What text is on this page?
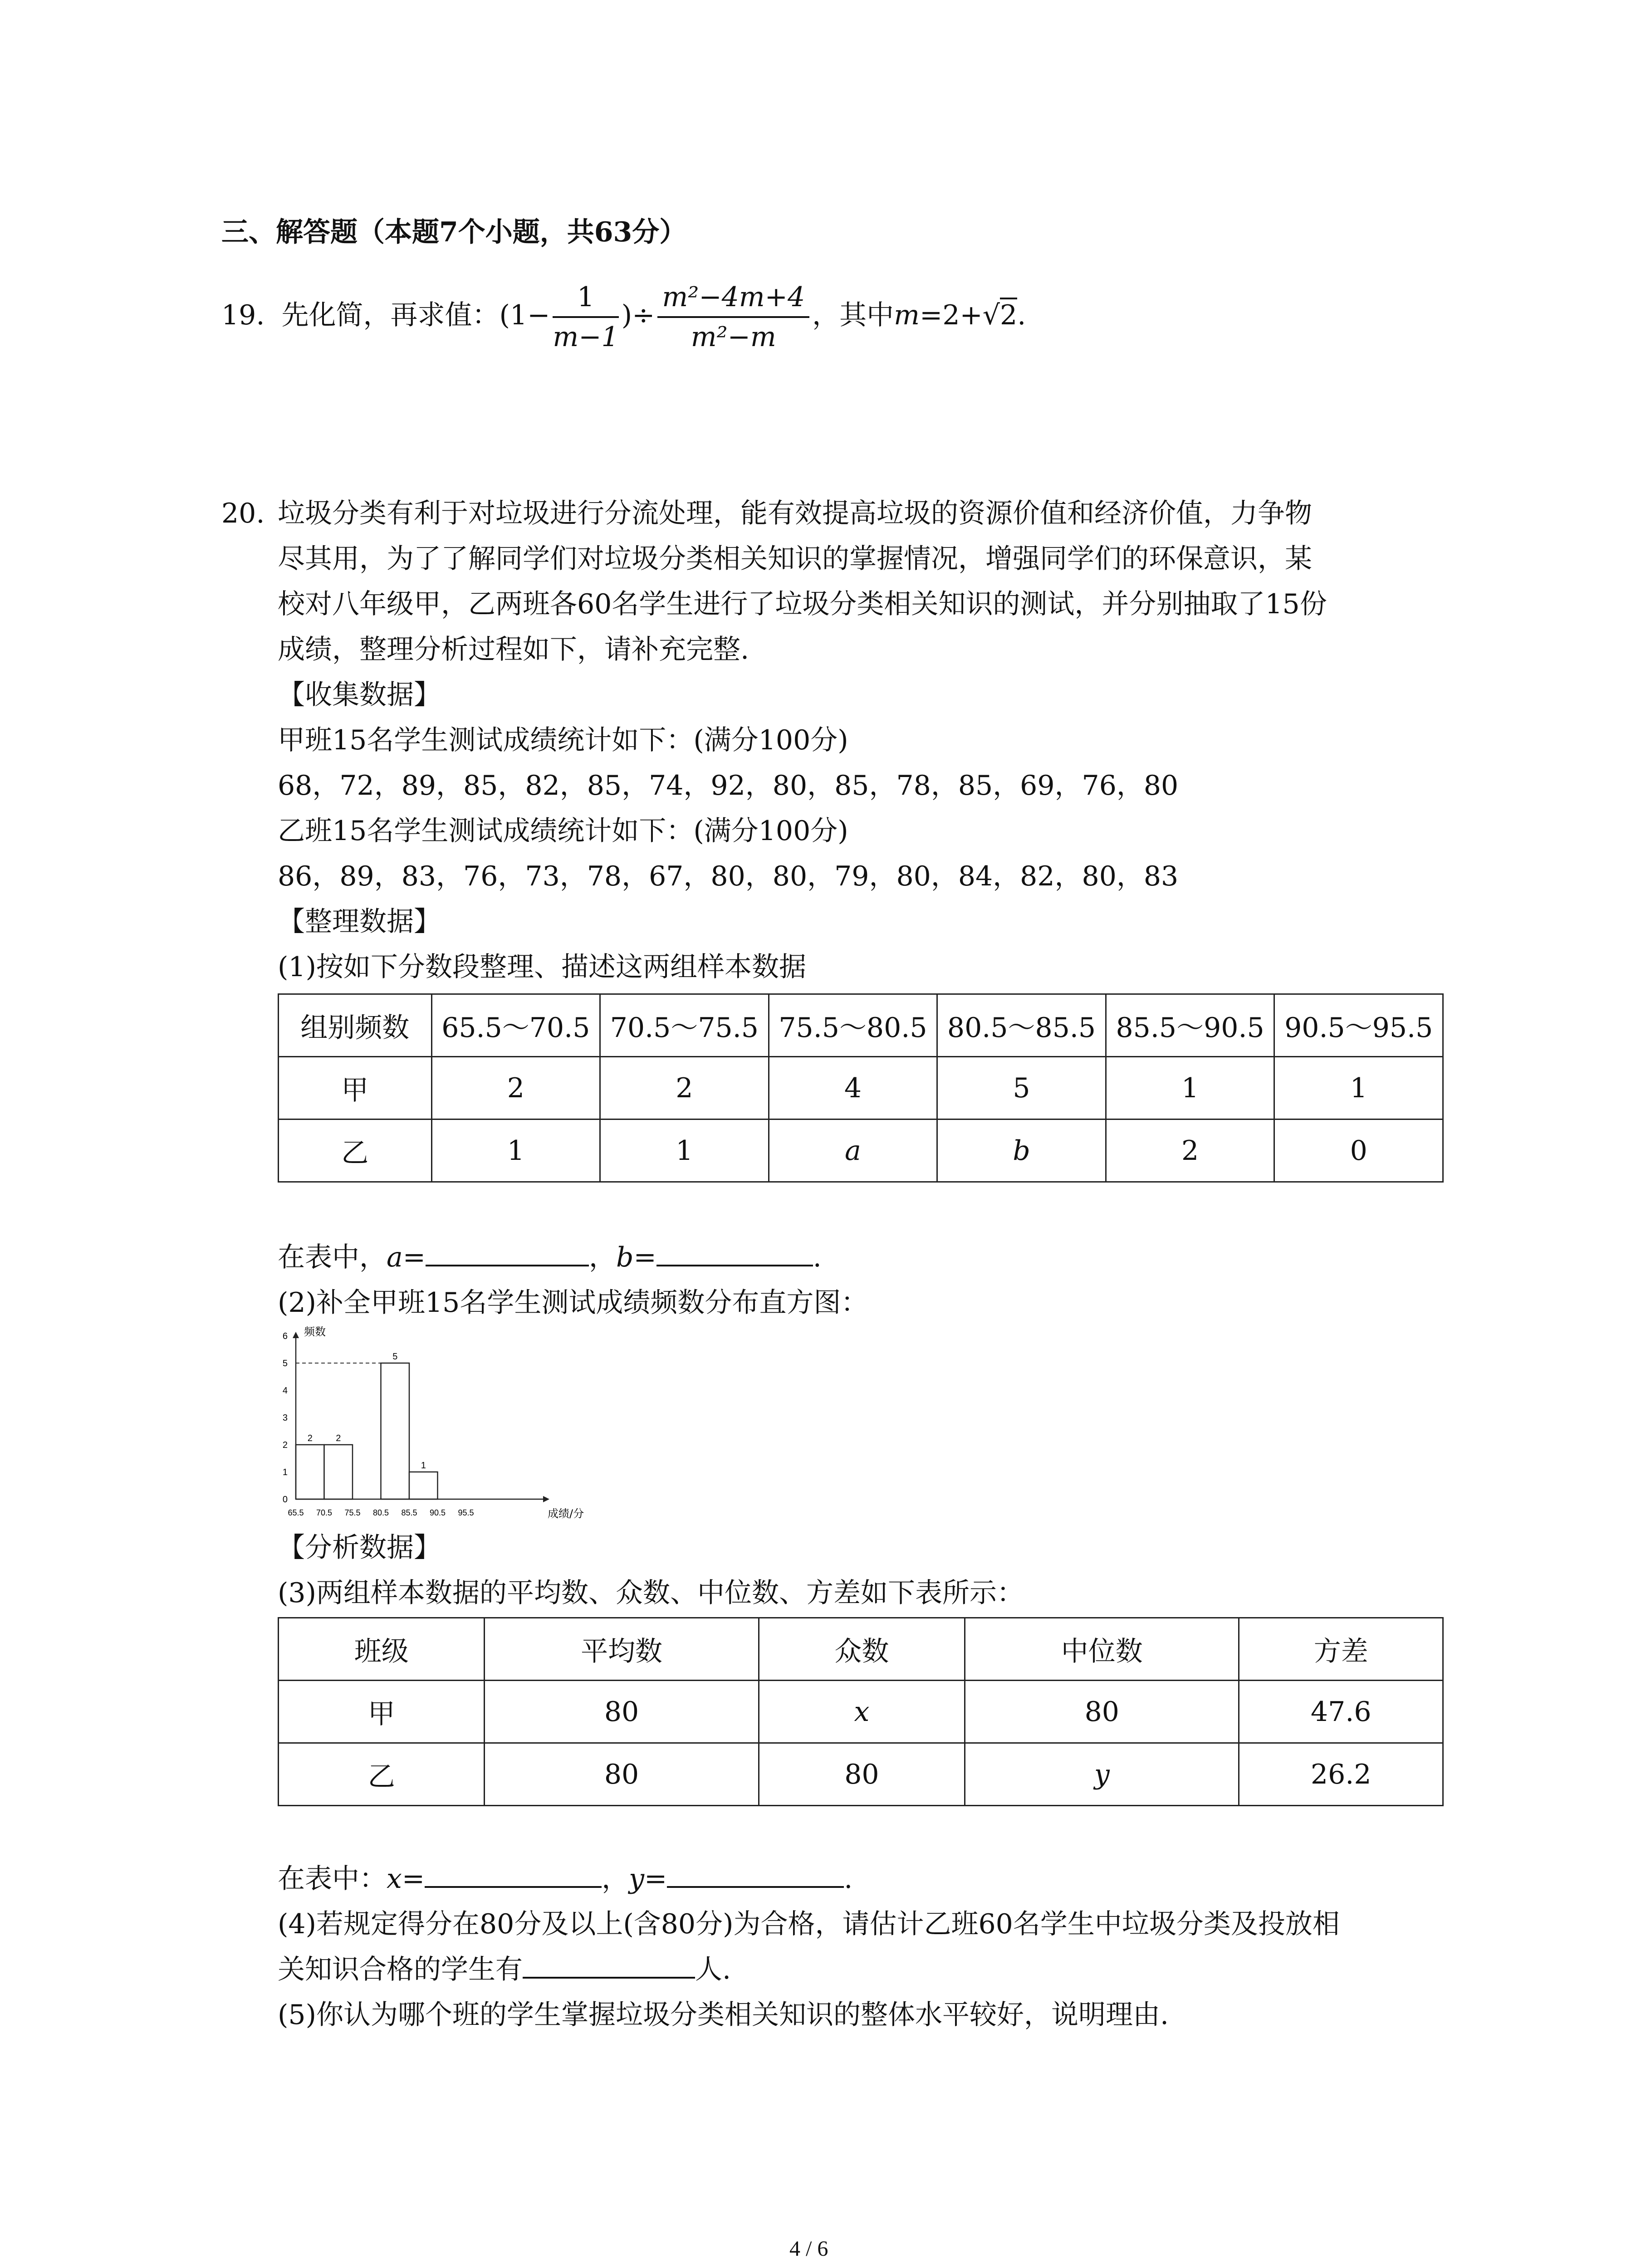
三、解答题（本题7个小题，共63分）
19. 先化简，再求值：($1- \frac{1}{m-1}$ )÷ $\frac{\text{m²−4m+4}}{\text{m²−m}}$ ，其中m=2+√2.
20. 垃圾分类有利于对垃圾进行分流处理，能有效提高垃圾的资源价值和经济价值，力争物
尽其用，为了了解同学们对垃圾分类相关知识的掌握情况，增强同学们的环保意识，某
校对八年级甲，乙两班各60名学生进行了垃圾分类相关知识的测试，并分别抽取了15份
成绩，整理分析过程如下，请补充完整.
【收集数据】
甲班15名学生测试成绩统计如下：(满分100分)
68，72，89，85，82，85，74，92，80，85，78，85，69，76，80
乙班15名学生测试成绩统计如下：(满分100分)
86，89，83，76，73，78，67，80，80，79，80，84，82，80，83
【整理数据】
(1)按如下分数段整理、描述这两组样本数据
组别频数	65.5～70.5	70.5～75.5	75.5～80.5	80.5～85.5	85.5～90.5	90.5～95.5
甲	2	2	4	5	1	1
乙	1	1	a	b	2	0
在表中，a=	，b=	.
(2)补全甲班15名学生测试成绩频数分布直方图：
2	2
5
1
0
1
2
3
4
5
6
65.5 70.5 75.5 80.5 85.5 90.5 95.5
频数
成绩/分
【分析数据】
(3)两组样本数据的平均数、众数、中位数、方差如下表所示：
班级	平均数	众数	中位数	方差
甲	80	x	80	47.6
乙	80	80	y	26.2
在表中：x=	，y=	.
(4)若规定得分在80分及以上(含80分)为合格，请估计乙班60名学生中垃圾分类及投放相
关知识合格的学生有	人.
(5)你认为哪个班的学生掌握垃圾分类相关知识的整体水平较好，说明理由.
4 / 6
